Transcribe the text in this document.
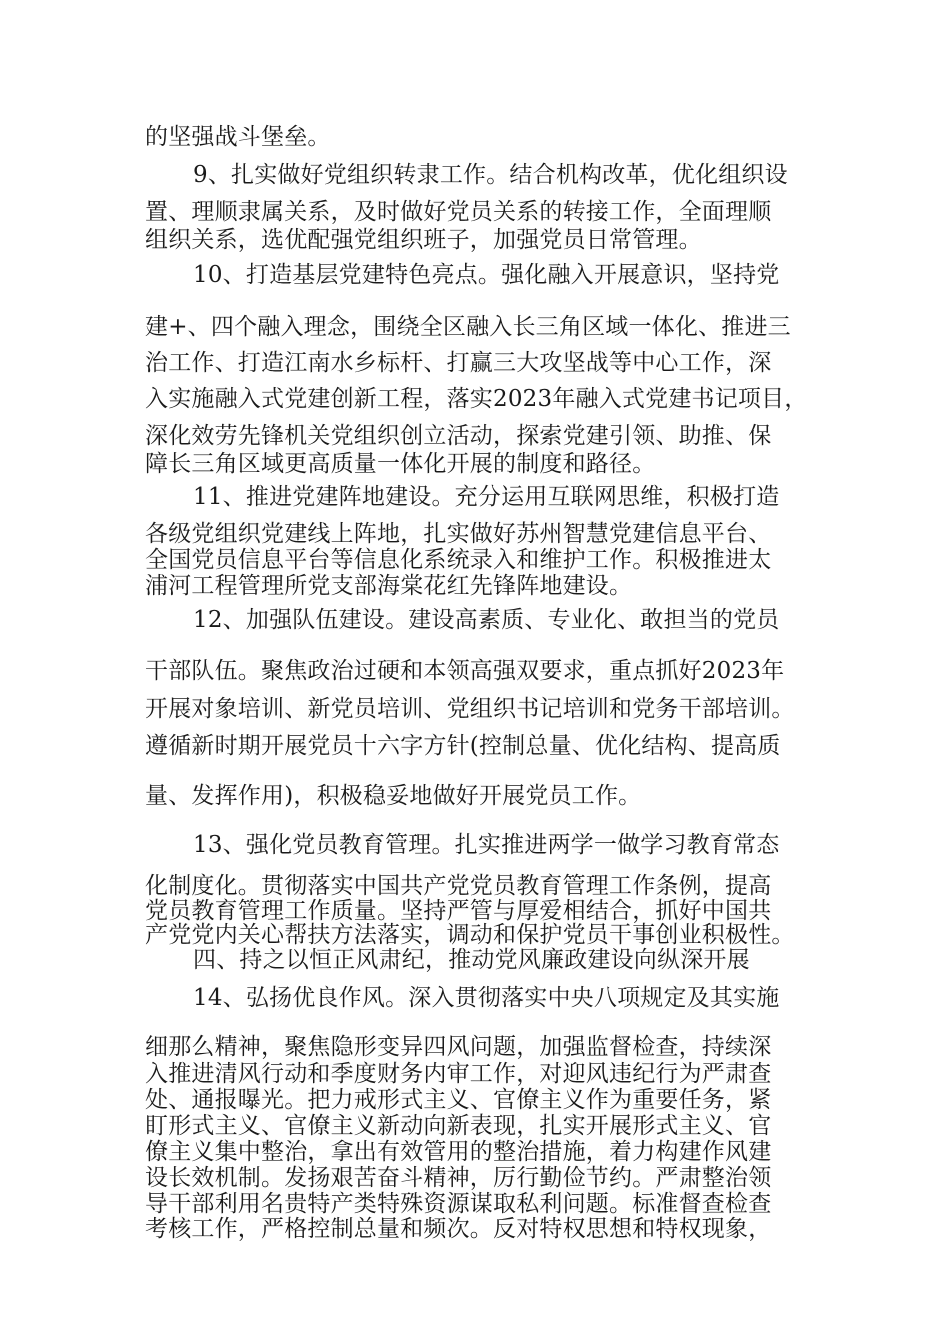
的坚强战斗堡垒。

9、扎实做好党组织转隶工作。结合机构改革，优化组织设

置、理顺隶属关系，及时做好党员关系的转接工作，全面理顺

组织关系，选优配强党组织班子，加强党员日常管理。

10、打造基层党建特色亮点。强化融入开展意识，坚持党

建+、四个融入理念，围绕全区融入长三角区域一体化、推进三

治工作、打造江南水乡标杆、打赢三大攻坚战等中心工作，深

入实施融入式党建创新工程，落实2023年融入式党建书记项目，

深化效劳先锋机关党组织创立活动，探索党建引领、助推、保

障长三角区域更高质量一体化开展的制度和路径。

11、推进党建阵地建设。充分运用互联网思维，积极打造

各级党组织党建线上阵地，扎实做好苏州智慧党建信息平台、

全国党员信息平台等信息化系统录入和维护工作。积极推进太

浦河工程管理所党支部海棠花红先锋阵地建设。

12、加强队伍建设。建设高素质、专业化、敢担当的党员

干部队伍。聚焦政治过硬和本领高强双要求，重点抓好2023年

开展对象培训、新党员培训、党组织书记培训和党务干部培训。

遵循新时期开展党员十六字方针(控制总量、优化结构、提高质

量、发挥作用)，积极稳妥地做好开展党员工作。

13、强化党员教育管理。扎实推进两学一做学习教育常态

化制度化。贯彻落实中国共产党党员教育管理工作条例，提高

党员教育管理工作质量。坚持严管与厚爱相结合，抓好中国共

产党党内关心帮扶方法落实，调动和保护党员干事创业积极性。

四、持之以恒正风肃纪，推动党风廉政建设向纵深开展

14、弘扬优良作风。深入贯彻落实中央八项规定及其实施

细那么精神，聚焦隐形变异四风问题，加强监督检查，持续深

入推进清风行动和季度财务内审工作，对迎风违纪行为严肃查

处、通报曝光。把力戒形式主义、官僚主义作为重要任务，紧

盯形式主义、官僚主义新动向新表现，扎实开展形式主义、官

僚主义集中整治，拿出有效管用的整治措施，着力构建作风建

设长效机制。发扬艰苦奋斗精神，厉行勤俭节约。严肃整治领

导干部利用名贵特产类特殊资源谋取私利问题。标准督查检查

考核工作，严格控制总量和频次。反对特权思想和特权现象，
